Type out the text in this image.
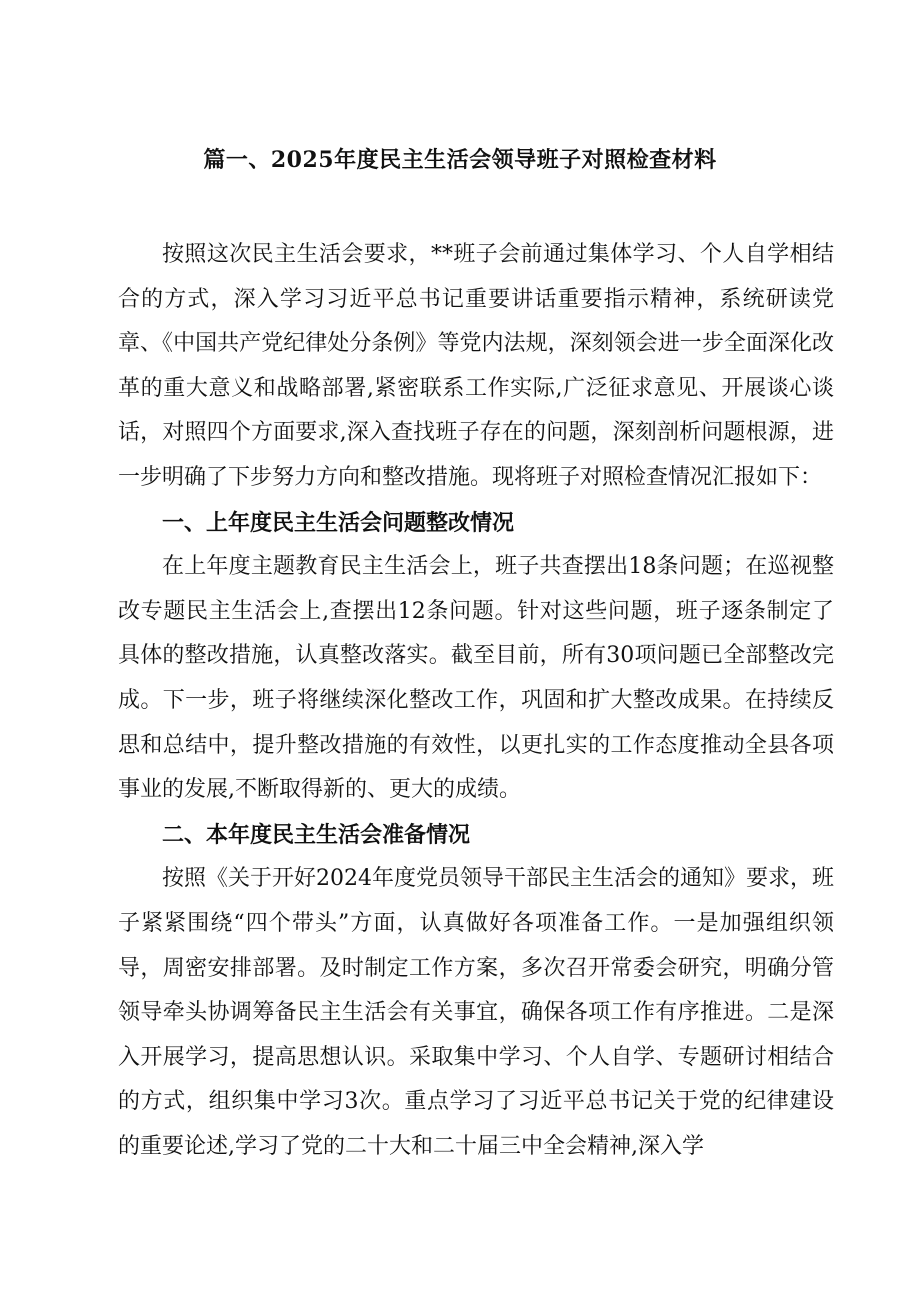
篇一、2025年度民主生活会领导班子对照检查材料

按照这次民主生活会要求，**班子会前通过集体学习、个人自学相结合的方式，深入学习习近平总书记重要讲话重要指示精神，系统研读党章、《中国共产党纪律处分条例》等党内法规，深刻领会进一步全面深化改革的重大意义和战略部署,紧密联系工作实际,广泛征求意见、开展谈心谈话，对照四个方面要求,深入查找班子存在的问题，深刻剖析问题根源，进一步明确了下步努力方向和整改措施。现将班子对照检查情况汇报如下：

一、上年度民主生活会问题整改情况

在上年度主题教育民主生活会上，班子共查摆出18条问题；在巡视整改专题民主生活会上,查摆出12条问题。针对这些问题，班子逐条制定了具体的整改措施，认真整改落实。截至目前，所有30项问题已全部整改完成。下一步，班子将继续深化整改工作，巩固和扩大整改成果。在持续反思和总结中，提升整改措施的有效性，以更扎实的工作态度推动全县各项事业的发展,不断取得新的、更大的成绩。

二、本年度民主生活会准备情况

按照《关于开好2024年度党员领导干部民主生活会的通知》要求，班子紧紧围绕“四个带头”方面，认真做好各项准备工作。一是加强组织领导，周密安排部署。及时制定工作方案，多次召开常委会研究，明确分管领导牵头协调筹备民主生活会有关事宜，确保各项工作有序推进。二是深入开展学习，提高思想认识。采取集中学习、个人自学、专题研讨相结合的方式，组织集中学习3次。重点学习了习近平总书记关于党的纪律建设的重要论述,学习了党的二十大和二十届三中全会精神,深入学
